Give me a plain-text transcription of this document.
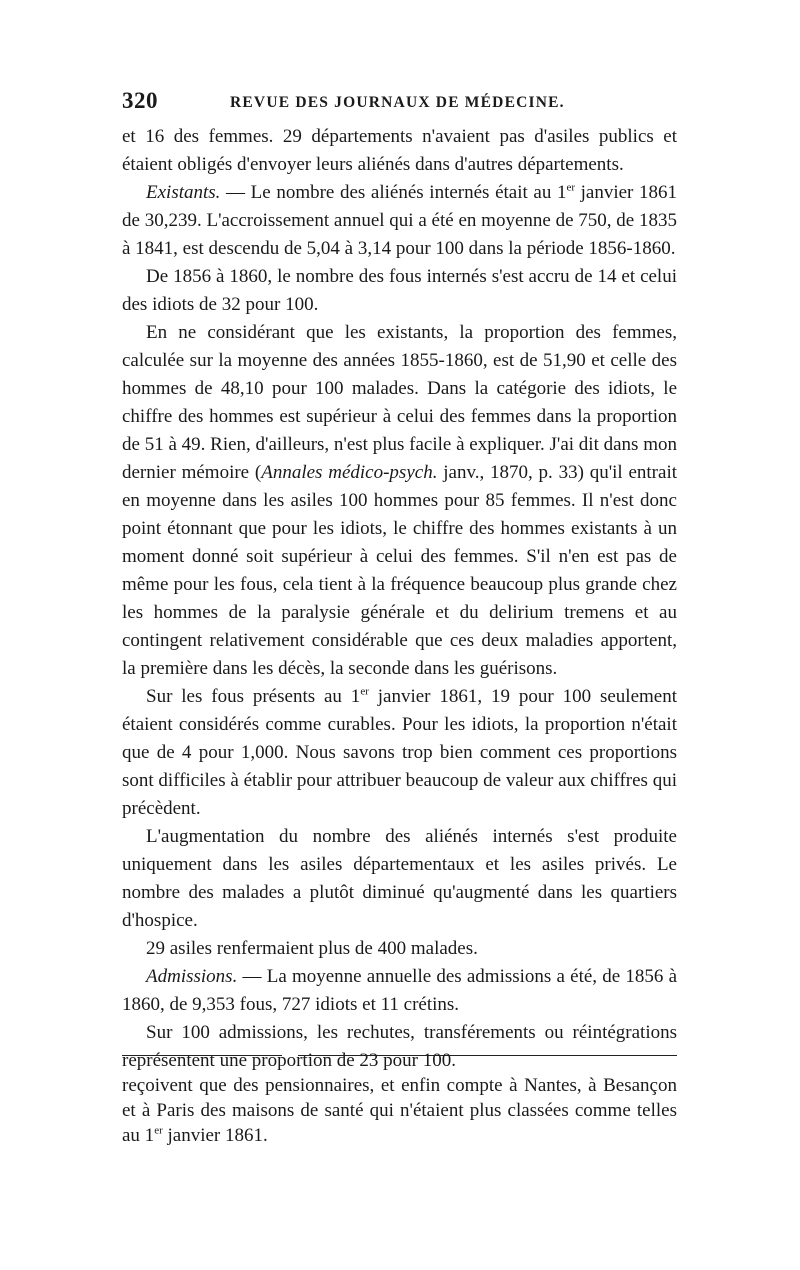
320	REVUE DES JOURNAUX DE MÉDECINE.

et 16 des femmes. 29 départements n'avaient pas d'asiles publics et étaient obligés d'envoyer leurs aliénés dans d'autres départements.

Existants. — Le nombre des aliénés internés était au 1er janvier 1861 de 30,239. L'accroissement annuel qui a été en moyenne de 750, de 1835 à 1841, est descendu de 5,04 à 3,14 pour 100 dans la période 1856-1860.

De 1856 à 1860, le nombre des fous internés s'est accru de 14 et celui des idiots de 32 pour 100.

En ne considérant que les existants, la proportion des femmes, calculée sur la moyenne des années 1855-1860, est de 51,90 et celle des hommes de 48,10 pour 100 malades. Dans la catégorie des idiots, le chiffre des hommes est supérieur à celui des femmes dans la proportion de 51 à 49. Rien, d'ailleurs, n'est plus facile à expliquer. J'ai dit dans mon dernier mémoire (Annales médico-psych. janv., 1870, p. 33) qu'il entrait en moyenne dans les asiles 100 hommes pour 85 femmes. Il n'est donc point étonnant que pour les idiots, le chiffre des hommes existants à un moment donné soit supérieur à celui des femmes. S'il n'en est pas de même pour les fous, cela tient à la fréquence beaucoup plus grande chez les hommes de la paralysie générale et du delirium tremens et au contingent relativement considérable que ces deux maladies apportent, la première dans les décès, la seconde dans les guérisons.

Sur les fous présents au 1er janvier 1861, 19 pour 100 seulement étaient considérés comme curables. Pour les idiots, la proportion n'était que de 4 pour 1,000. Nous savons trop bien comment ces proportions sont difficiles à établir pour attribuer beaucoup de valeur aux chiffres qui précèdent.

L'augmentation du nombre des aliénés internés s'est produite uniquement dans les asiles départementaux et les asiles privés. Le nombre des malades a plutôt diminué qu'augmenté dans les quartiers d'hospice.

29 asiles renfermaient plus de 400 malades.

Admissions. — La moyenne annuelle des admissions a été, de 1856 à 1860, de 9,353 fous, 727 idiots et 11 crétins.

Sur 100 admissions, les rechutes, transférements ou réintégrations représentent une proportion de 23 pour 100.

reçoivent que des pensionnaires, et enfin compte à Nantes, à Besançon et à Paris des maisons de santé qui n'étaient plus classées comme telles au 1er janvier 1861.
